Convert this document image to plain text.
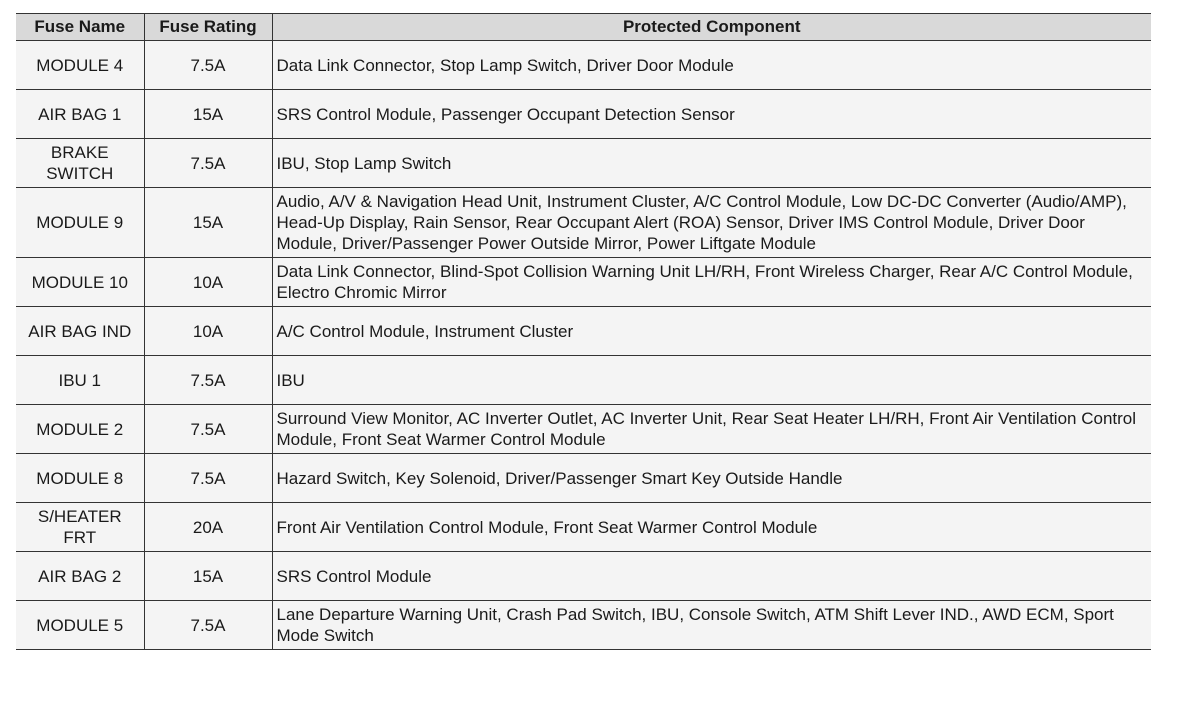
Fuse Name	Fuse Rating	Protected Component
MODULE 4	7.5A	Data Link Connector, Stop Lamp Switch, Driver Door Module
AIR BAG 1	15A	SRS Control Module, Passenger Occupant Detection Sensor
BRAKE SWITCH	7.5A	IBU, Stop Lamp Switch
MODULE 9	15A	Audio, A/V & Navigation Head Unit, Instrument Cluster, A/C Control Module, Low DC-DC Converter (Audio/AMP), Head-Up Display, Rain Sensor, Rear Occupant Alert (ROA) Sensor, Driver IMS Control Module, Driver Door Module, Driver/Passenger Power Outside Mirror, Power Liftgate Module
MODULE 10	10A	Data Link Connector, Blind-Spot Collision Warning Unit LH/RH, Front Wireless Charger, Rear A/C Control Module, Electro Chromic Mirror
AIR BAG IND	10A	A/C Control Module, Instrument Cluster
IBU 1	7.5A	IBU
MODULE 2	7.5A	Surround View Monitor, AC Inverter Outlet, AC Inverter Unit, Rear Seat Heater LH/RH, Front Air Ventilation Control Module, Front Seat Warmer Control Module
MODULE 8	7.5A	Hazard Switch, Key Solenoid, Driver/Passenger Smart Key Outside Handle
S/HEATER FRT	20A	Front Air Ventilation Control Module, Front Seat Warmer Control Module
AIR BAG 2	15A	SRS Control Module
MODULE 5	7.5A	Lane Departure Warning Unit, Crash Pad Switch, IBU, Console Switch, ATM Shift Lever IND., AWD ECM, Sport Mode Switch
